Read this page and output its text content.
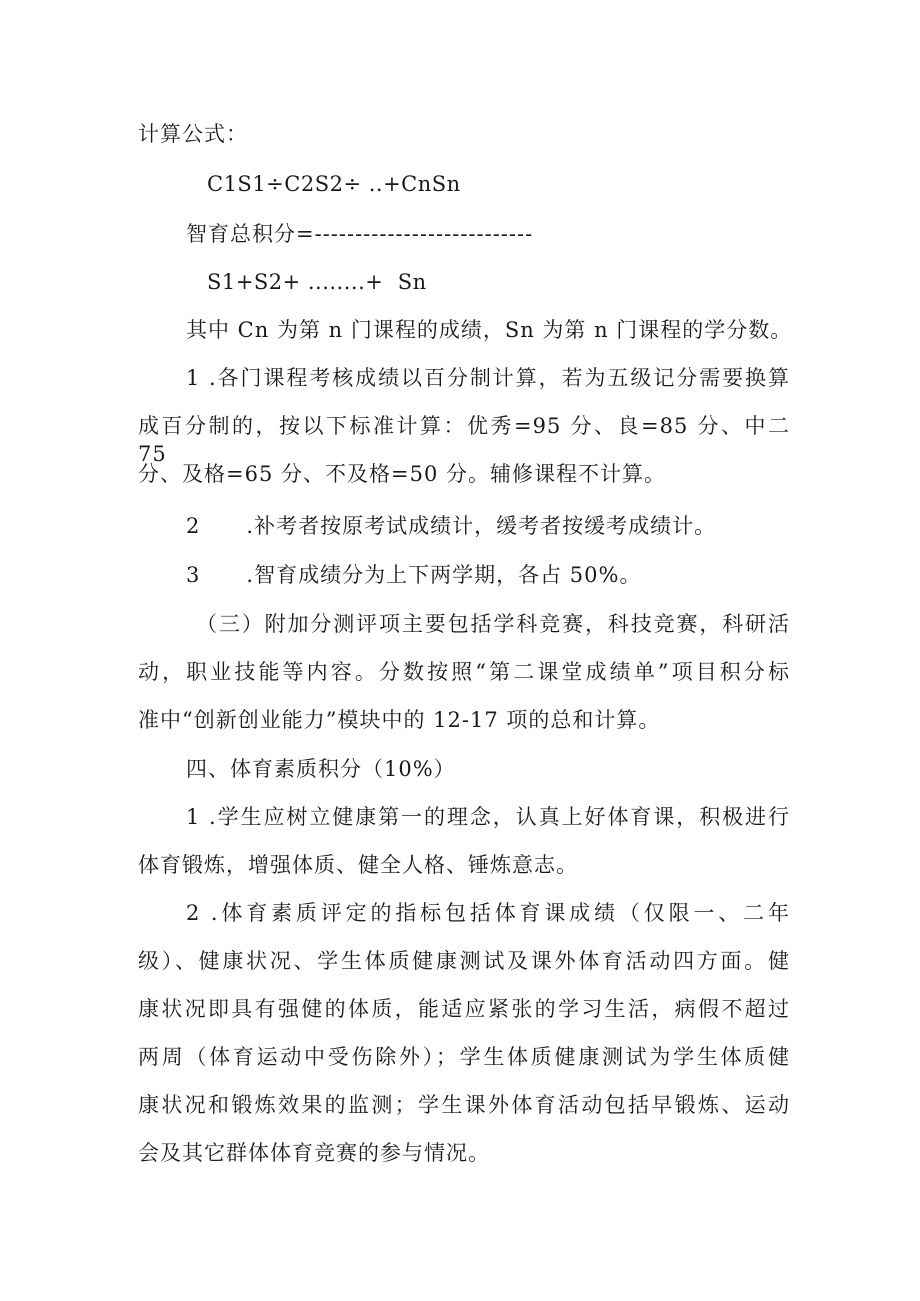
计算公式：
C1S1÷C2S2÷ ..+CnSn
智育总积分=---------------------------
S1+S2+ ........+  Sn
其中 Cn 为第 n 门课程的成绩，Sn 为第 n 门课程的学分数。
1 .各门课程考核成绩以百分制计算，若为五级记分需要换算
成百分制的，按以下标准计算：优秀=95 分、良=85 分、中二 75
分、及格=65 分、不及格=50 分。辅修课程不计算。
2      .补考者按原考试成绩计，缓考者按缓考成绩计。
3      .智育成绩分为上下两学期，各占 50%。
（三）附加分测评项主要包括学科竞赛，科技竞赛，科研活
动，职业技能等内容。分数按照“第二课堂成绩单”项目积分标
准中“创新创业能力”模块中的 12-17 项的总和计算。
四、体育素质积分（10%）
1 .学生应树立健康第一的理念，认真上好体育课，积极进行
体育锻炼，增强体质、健全人格、锤炼意志。
2 .体育素质评定的指标包括体育课成绩（仅限一、二年
级）、健康状况、学生体质健康测试及课外体育活动四方面。健
康状况即具有强健的体质，能适应紧张的学习生活，病假不超过
两周（体育运动中受伤除外）；学生体质健康测试为学生体质健
康状况和锻炼效果的监测；学生课外体育活动包括早锻炼、运动
会及其它群体体育竞赛的参与情况。
